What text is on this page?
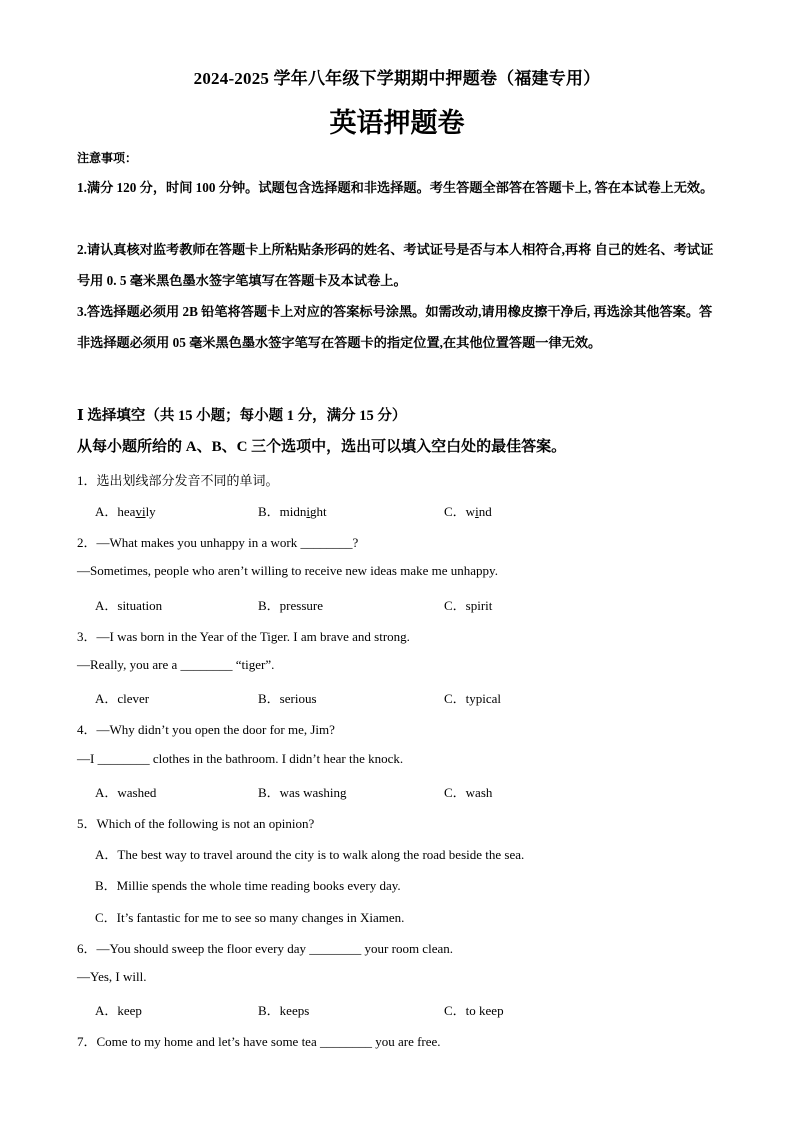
2024-2025 学年八年级下学期期中押题卷（福建专用）
英语押题卷
注意事项：
1.满分 120 分，时间 100 分钟。试题包含选择题和非选择题。考生答题全部答在答题卡上, 答在本试卷上无效。
2.请认真核对监考教师在答题卡上所粘贴条形码的姓名、考试证号是否与本人相符合,再将 自己的姓名、考试证号用 0. 5 毫米黑色墨水签字笔填写在答题卡及本试卷上。
3.答选择题必须用 2B 铅笔将答题卡上对应的答案标号涂黑。如需改动,请用橡皮擦干净后, 再选涂其他答案。答非选择题必须用 05 毫米黑色墨水签字笔写在答题卡的指定位置,在其他位置答题一律无效。
Ⅰ 选择填空（共 15 小题；每小题 1 分，满分 15 分）
从每小题所给的 A、B、C 三个选项中，选出可以填入空白处的最佳答案。
1．选出划线部分发音不同的单词。
A．heavily	B．midnight	C．wind
2．—What makes you unhappy in a work ________?
—Sometimes, people who aren’t willing to receive new ideas make me unhappy.
A．situation	B．pressure	C．spirit
3．—I was born in the Year of the Tiger. I am brave and strong.
—Really, you are a ________ “tiger”.
A．clever	B．serious	C．typical
4．—Why didn’t you open the door for me, Jim?
—I ________ clothes in the bathroom. I didn’t hear the knock.
A．washed	B．was washing	C．wash
5．Which of the following is not an opinion?
A．The best way to travel around the city is to walk along the road beside the sea.
B．Millie spends the whole time reading books every day.
C．It’s fantastic for me to see so many changes in Xiamen.
6．—You should sweep the floor every day ________ your room clean.
—Yes, I will.
A．keep	B．keeps	C．to keep
7．Come to my home and let’s have some tea ________ you are free.
